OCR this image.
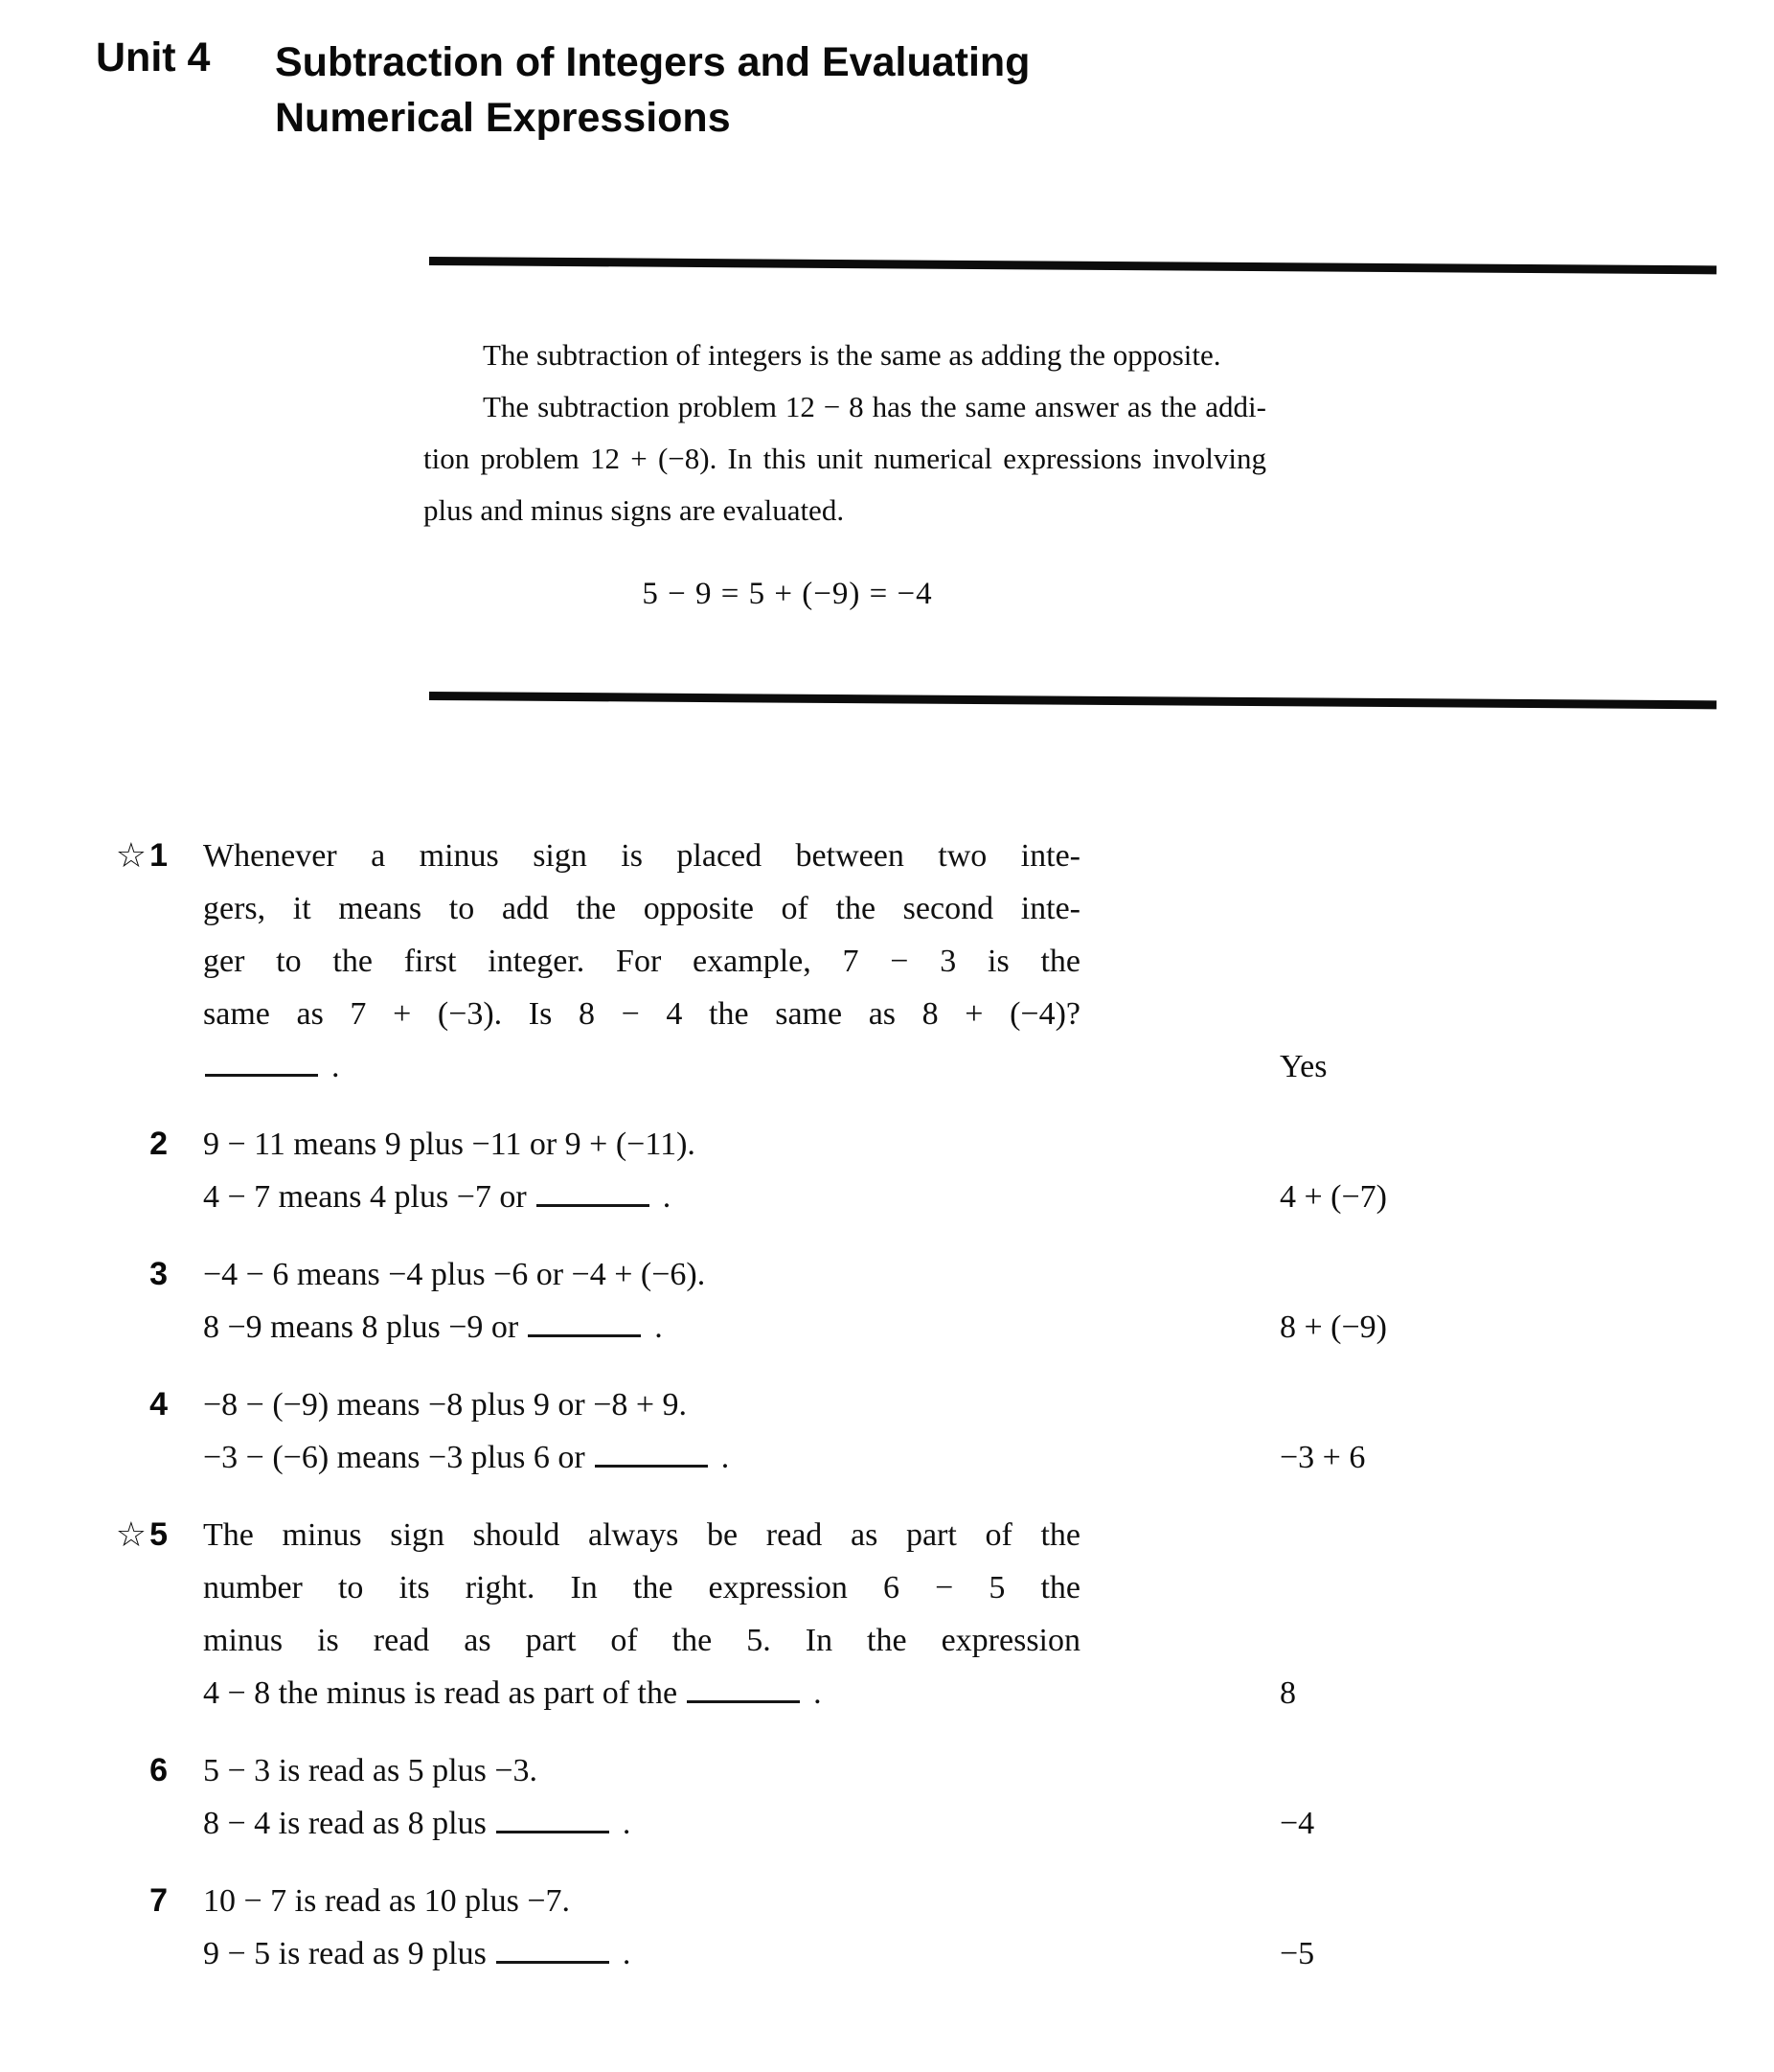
Unit 4 Subtraction of Integers and Evaluating
Numerical Expressions
The subtraction of integers is the same as adding the opposite.
The subtraction problem 12 − 8 has the same answer as the addi-
tion problem 12 + (−8). In this unit numerical expressions involving
plus and minus signs are evaluated.
5 − 9 = 5 + (−9) = −4
☆ 1 Whenever a minus sign is placed between two inte-
gers, it means to add the opposite of the second inte-
ger to the first integer. For example, 7 − 3 is the
same as 7 + (−3). Is 8 − 4 the same as 8 + (−4)?
.	Yes
2 9 − 11 means 9 plus −11 or 9 + (−11).
4 − 7 means 4 plus −7 or	.	4 + (−7)
3 −4 − 6 means −4 plus −6 or −4 + (−6).
8 −9 means 8 plus −9 or	.	8 + (−9)
4 −8 − (−9) means −8 plus 9 or −8 + 9.
−3 − (−6) means −3 plus 6 or	.	−3 + 6
☆ 5 The minus sign should always be read as part of the
number to its right. In the expression 6 − 5 the
minus is read as part of the 5. In the expression
4 − 8 the minus is read as part of the	.	8
6 5 − 3 is read as 5 plus −3.
8 − 4 is read as 8 plus	.	−4
7 10 − 7 is read as 10 plus −7.
9 − 5 is read as 9 plus	.	−5
